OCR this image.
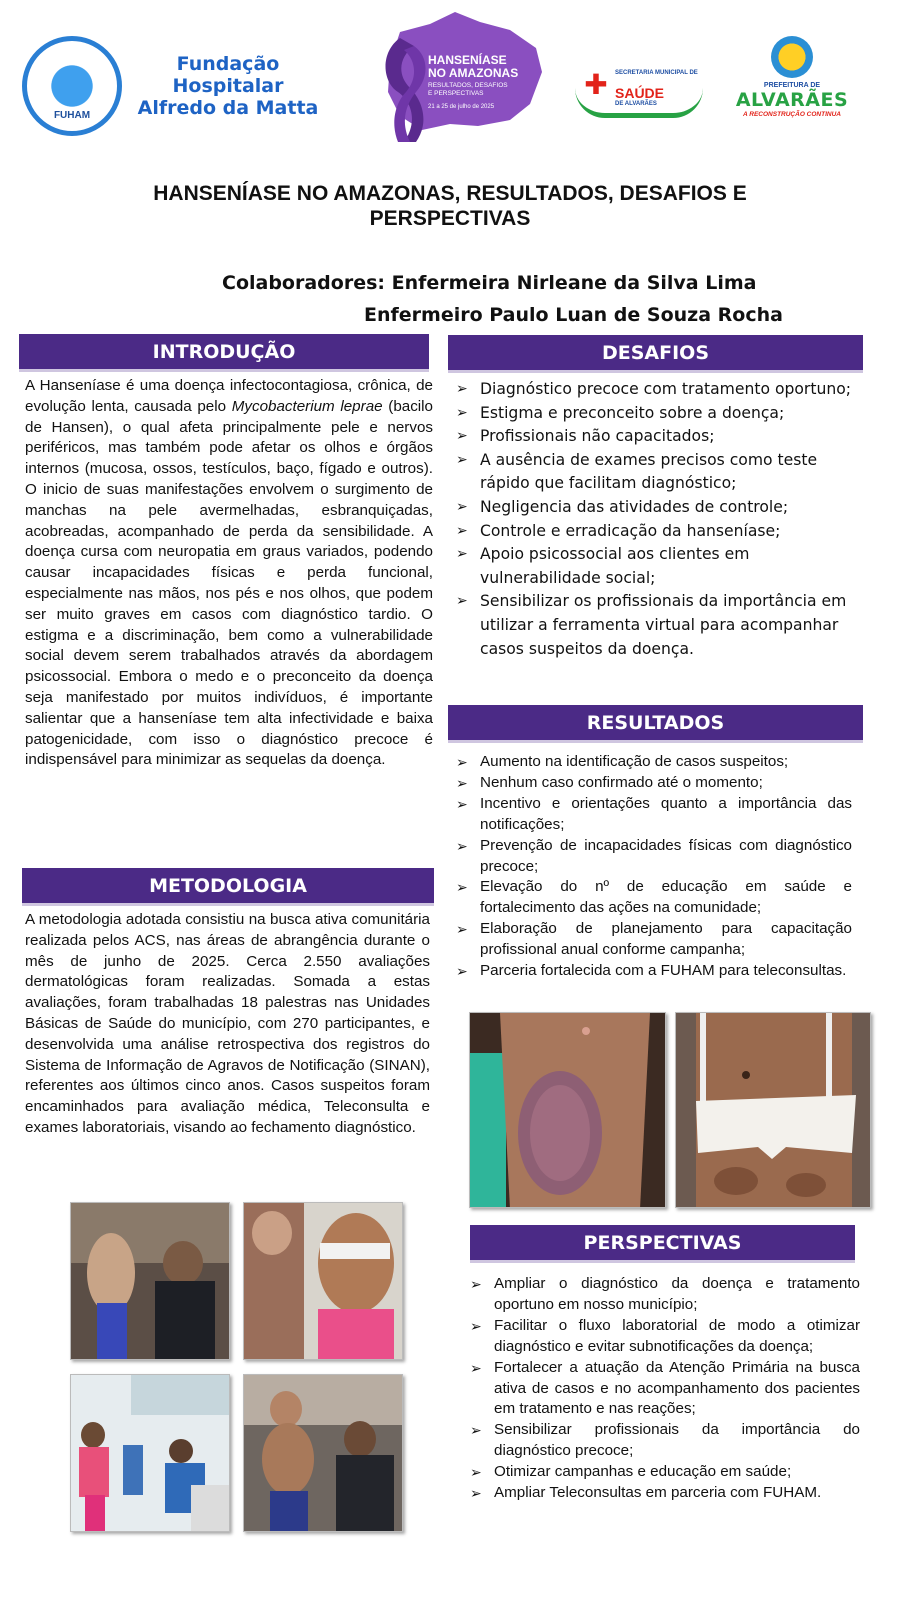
FUHAM
Fundação Hospitalar
Alfredo da Matta
HANSENÍASE
NO AMAZONAS
RESULTADOS, DESAFIOS
E PERSPECTIVAS
21 a 25 de julho de 2025
✚	SECRETARIA MUNICIPAL DE
SAÚDE
DE ALVARÃES
PREFEITURA DE
ALVARÃES
A RECONSTRUÇÃO CONTINUA
HANSENÍASE NO AMAZONAS, RESULTADOS, DESAFIOS E
PERSPECTIVAS
Colaboradores: Enfermeira Nirleane da Silva Lima
Enfermeiro Paulo Luan de Souza Rocha
INTRODUÇÃO

A Hanseníase é uma doença infectocontagiosa, crônica, de evolução lenta, causada pelo Mycobacterium leprae (bacilo de Hansen), o qual afeta principalmente pele e nervos periféricos, mas também pode afetar os olhos e órgãos internos (mucosa, ossos, testículos, baço, fígado e outros). O inicio de suas manifestações envolvem o surgimento de manchas na pele avermelhadas, esbranquiçadas, acobreadas, acompanhado de perda da sensibilidade. A doença cursa com neuropatia em graus variados, podendo causar incapacidades físicas e perda funcional, especialmente nas mãos, nos pés e nos olhos, que podem ser muito graves em casos com diagnóstico tardio. O estigma e a discriminação, bem como a vulnerabilidade social devem serem trabalhados através da abordagem psicossocial. Embora o medo e o preconceito da doença seja manifestado por muitos indivíduos, é importante salientar que a hanseníase tem alta infectividade e baixa patogenicidade, com isso o diagnóstico precoce é indispensável para minimizar as sequelas da doença.

METODOLOGIA

A metodologia adotada consistiu na busca ativa comunitária realizada pelos ACS, nas áreas de abrangência durante o mês de junho de 2025. Cerca 2.550 avaliações dermatológicas foram realizadas. Somada a estas avaliações, foram trabalhadas 18 palestras nas Unidades Básicas de Saúde do município, com 270 participantes, e desenvolvida uma análise retrospectiva dos registros do Sistema de Informação de Agravos de Notificação (SINAN), referentes aos últimos cinco anos. Casos suspeitos foram encaminhados para avaliação médica, Teleconsulta e exames laboratoriais, visando ao fechamento diagnóstico.

DESAFIOS
➢ Diagnóstico precoce com tratamento oportuno;
➢ Estigma e preconceito sobre a doença;
➢ Profissionais não capacitados;
➢ A ausência de exames precisos como teste rápido que facilitam diagnóstico;
➢ Negligencia das atividades de controle;
➢ Controle e erradicação da hanseníase;
➢ Apoio psicossocial aos clientes em vulnerabilidade social;
➢ Sensibilizar os profissionais da importância em utilizar a ferramenta virtual para acompanhar casos suspeitos da doença.
RESULTADOS
➢ Aumento na identificação de casos suspeitos;
➢ Nenhum caso confirmado até o momento;
➢ Incentivo e orientações quanto a importância das notificações;
➢ Prevenção de incapacidades físicas com diagnóstico precoce;
➢ Elevação do nº de educação em saúde e fortalecimento das ações na comunidade;
➢ Elaboração de planejamento para capacitação profissional anual conforme campanha;
➢ Parceria fortalecida com a FUHAM para teleconsultas.
PERSPECTIVAS
➢ Ampliar o diagnóstico da doença e tratamento oportuno em nosso município;
➢ Facilitar o fluxo laboratorial de modo a otimizar diagnóstico e evitar subnotificações da doença;
➢ Fortalecer a atuação da Atenção Primária na busca ativa de casos e no acompanhamento dos pacientes em tratamento e nas reações;
➢ Sensibilizar profissionais da importância do diagnóstico precoce;
➢ Otimizar campanhas e educação em saúde;
➢ Ampliar Teleconsultas em parceria com FUHAM.
